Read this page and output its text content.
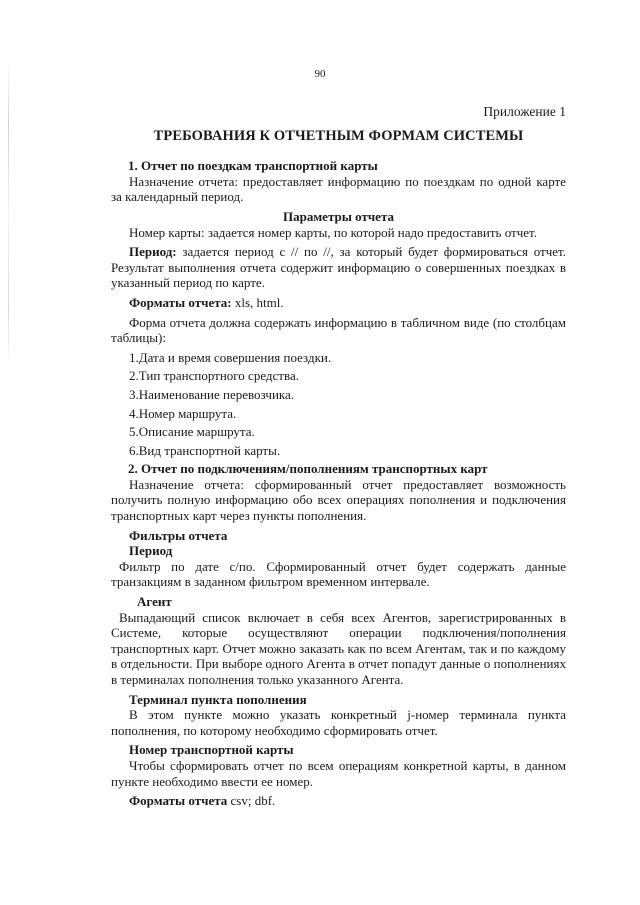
90

Приложение 1

ТРЕБОВАНИЯ К ОТЧЕТНЫМ ФОРМАМ СИСТЕМЫ

1. Отчет по поездкам транспортной карты

Назначение отчета: предоставляет информацию по поездкам по одной карте за календарный период.

Параметры отчета

Номер карты: задается номер карты, по которой надо предоставить отчет.

Период: задается период с // по //, за который будет формироваться отчет. Результат выполнения отчета содержит информацию о совершенных поездках в указанный период по карте.

Форматы отчета: xls, html.

Форма отчета должна содержать информацию в табличном виде (по столбцам таблицы):

1.Дата и время совершения поездки.

2.Тип транспортного средства.

3.Наименование перевозчика.

4.Номер маршрута.

5.Описание маршрута.

6.Вид транспортной карты.

2. Отчет по подключениям/пополнениям транспортных карт

Назначение отчета: сформированный отчет предоставляет возможность получить полную информацию обо всех операциях пополнения и подключения транспортных карт через пункты пополнения.

Фильтры отчета

Период

Фильтр по дате с/по. Сформированный отчет будет содержать данные транзакциям в заданном фильтром временном интервале.

Агент

Выпадающий список включает в себя всех Агентов, зарегистрированных в Системе, которые осуществляют операции подключения/пополнения транспортных карт. Отчет можно заказать как по всем Агентам, так и по каждому в отдельности. При выборе одного Агента в отчет попадут данные о пополнениях в терминалах пополнения только указанного Агента.

Терминал пункта пополнения

В этом пункте можно указать конкретный j-номер терминала пункта пополнения, по которому необходимо сформировать отчет.

Номер транспортной карты

Чтобы сформировать отчет по всем операциям конкретной карты, в данном пункте необходимо ввести ее номер.

Форматы отчета csv; dbf.
